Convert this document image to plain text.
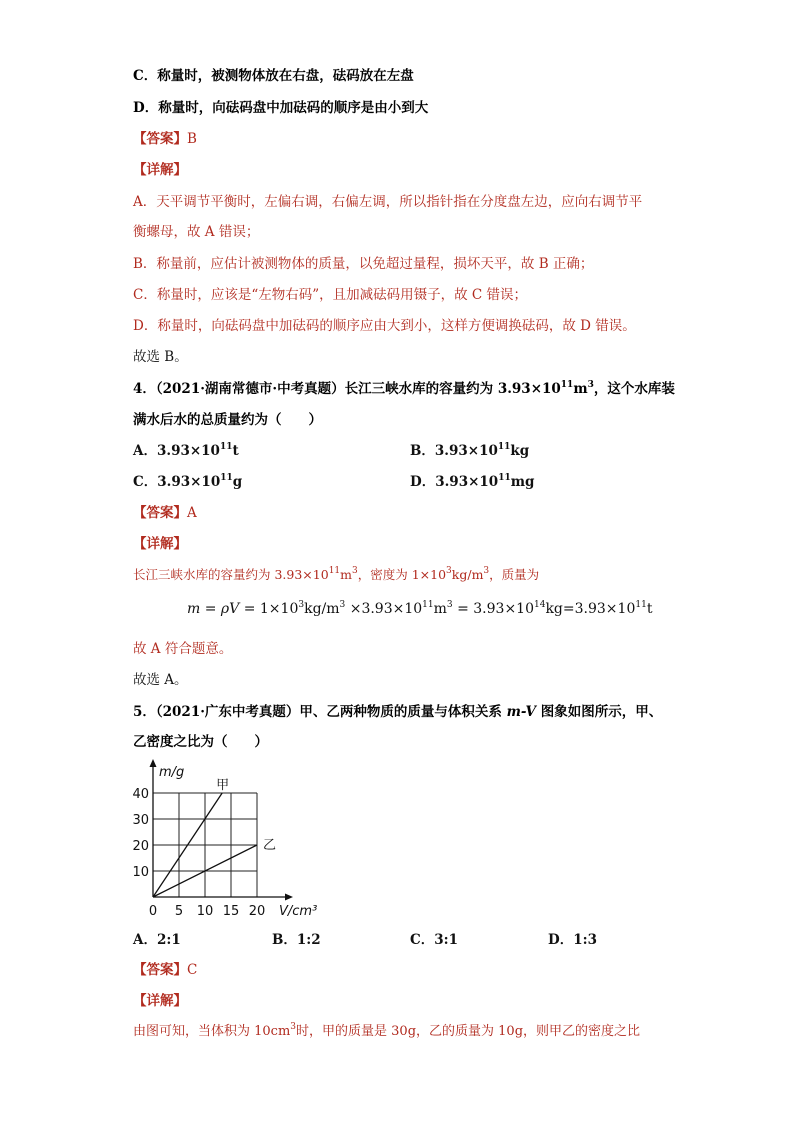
C．称量时，被测物体放在右盘，砝码放在左盘
D．称量时，向砝码盘中加砝码的顺序是由小到大
【答案】B
【详解】
A．天平调节平衡时，左偏右调，右偏左调，所以指针指在分度盘左边，应向右调节平
衡螺母，故 A 错误；
B．称量前，应估计被测物体的质量，以免超过量程，损坏天平，故 B 正确；
C．称量时，应该是“左物右码”，且加减砝码用镊子，故 C 错误；
D．称量时，向砝码盘中加砝码的顺序应由大到小，这样方便调换砝码，故 D 错误。
故选 B。
4．（2021·湖南常德市·中考真题）长江三峡水库的容量约为 $3.93\times 10^{11}m^3$，这个水库装
满水后水的总质量约为（　　）
A．$3.93\times 10^{11}t$	B．$3.93\times 10^{11}kg$
C．$3.93\times 10^{11}g$	D．$3.93\times 10^{11}mg$
【答案】A
【详解】
长江三峡水库的容量约为 $3.93\times 10^{11}m^3$，密度为 $1\times 10^3kg/m^3$，质量为
$m = \rho V = 1\times 10^3kg/m^3 \times 3.93\times 10^{11}m^3 = 3.93\times 10^{14}kg=3.93\times 10^{11}t$
故 A 符合题意。
故选 A。
5．（2021·广东中考真题）甲、乙两种物质的质量与体积关系 m-V 图象如图所示，甲、
乙密度之比为（　　）
0 5 10 15 20
10
20
30
40
m/g
V/cm³
甲
乙
A．2:1	B．1:2	C．3:1	D．1:3
【答案】C
【详解】
由图可知，当体积为 $10cm^3$时，甲的质量是 30g，乙的质量为 10g，则甲乙的密度之比
